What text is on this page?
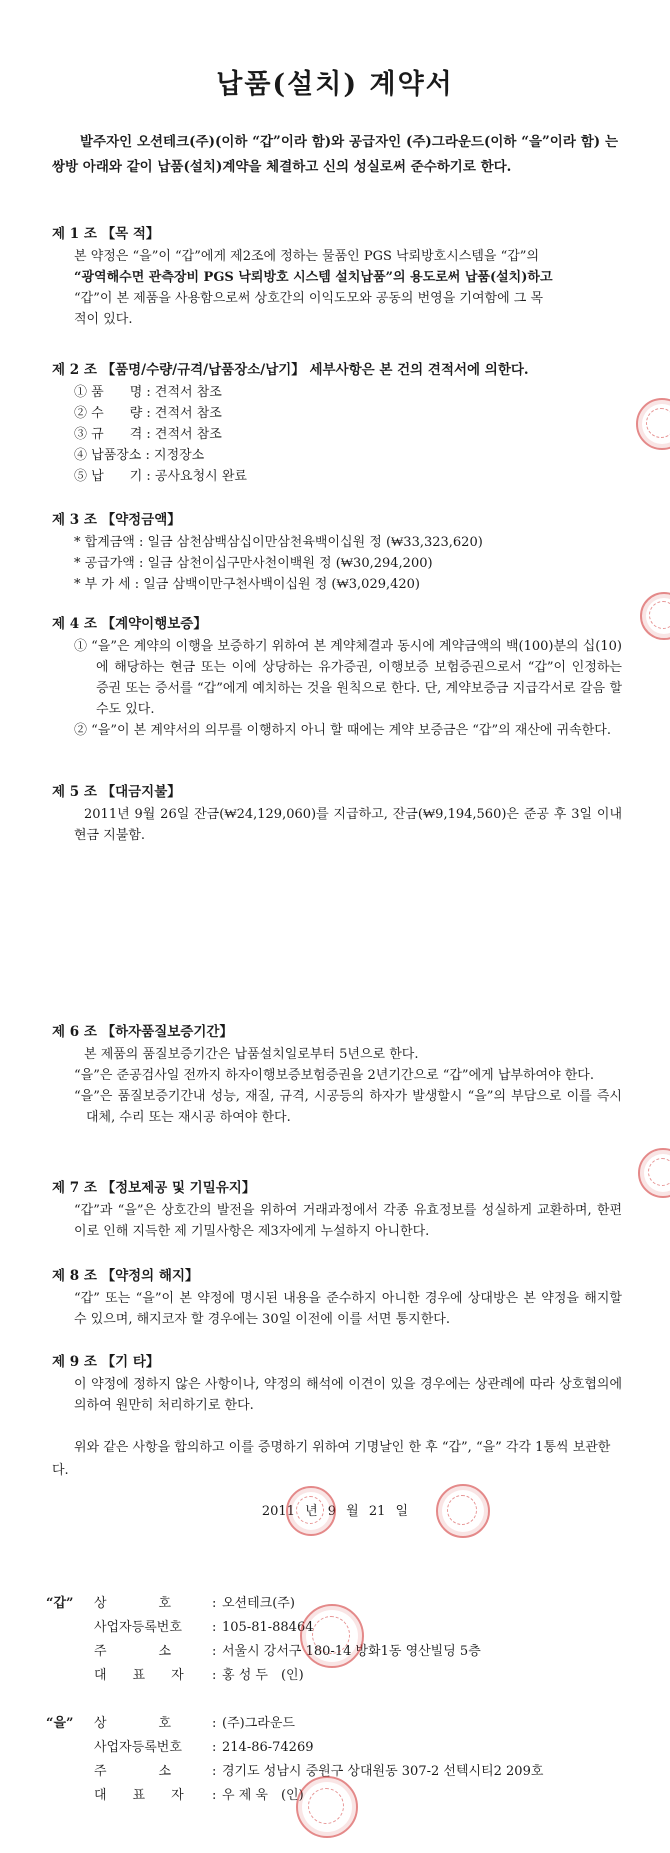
납품(설치) 계약서
발주자인 오션테크(주)(이하 “갑”이라 함)와 공급자인 (주)그라운드(이하 “을”이라 함) 는 쌍방 아래와 같이 납품(설치)계약을 체결하고 신의 성실로써 준수하기로 한다.
제 1 조 【목 적】

본 약정은 “을”이 “갑”에게 제2조에 정하는 물품인 PGS 낙뢰방호시스템을 “갑”의

“광역해수면 관측장비 PGS 낙뢰방호 시스템 설치납품”의 용도로써 납품(설치)하고

“갑”이 본 제품을 사용함으로써 상호간의 이익도모와 공동의 번영을 기여함에 그 목

적이 있다.

제 2 조 【품명/수량/규격/납품장소/납기】 세부사항은 본 건의 견적서에 의한다.

① 품　　명 : 견적서 참조

② 수　　량 : 견적서 참조

③ 규　　격 : 견적서 참조

④ 납품장소 : 지정장소

⑤ 납　　기 : 공사요청시 완료

제 3 조 【약정금액】

* 합계금액 : 일금 삼천삼백삼십이만삼천육백이십원 정 (₩33,323,620)

* 공급가액 : 일금 삼천이십구만사천이백원 정 (₩30,294,200)

* 부 가 세 : 일금 삼백이만구천사백이십원 정 (₩3,029,420)

제 4 조 【계약이행보증】

① “을”은 계약의 이행을 보증하기 위하여 본 계약체결과 동시에 계약금액의 백(100)분의 십(10)에 해당하는 현금 또는 이에 상당하는 유가증권, 이행보증 보험증권으로서 “갑”이 인정하는 증권 또는 증서를 “갑”에게 예치하는 것을 원칙으로 한다. 단, 계약보증금 지급각서로 갈음 할 수도 있다.

② “을”이 본 계약서의 의무를 이행하지 아니 할 때에는 계약 보증금은 “갑”의 재산에 귀속한다.

제 5 조 【대금지불】

2011년 9월 26일 잔금(₩24,129,060)를 지급하고, 잔금(₩9,194,560)은 준공 후 3일 이내 현금 지불함.

제 6 조 【하자품질보증기간】

본 제품의 품질보증기간은 납품설치일로부터 5년으로 한다.

“을”은 준공검사일 전까지 하자이행보증보험증권을 2년기간으로 “갑”에게 납부하여야 한다.

“을”은 품질보증기간내 성능, 재질, 규격, 시공등의 하자가 발생할시 “을”의 부담으로 이를 즉시 대체, 수리 또는 재시공 하여야 한다.

제 7 조 【정보제공 및 기밀유지】

“갑”과 “을”은 상호간의 발전을 위하여 거래과정에서 각종 유효정보를 성실하게 교환하며, 한편 이로 인해 지득한 제 기밀사항은 제3자에게 누설하지 아니한다.

제 8 조 【약정의 해지】

“갑” 또는 “을”이 본 약정에 명시된 내용을 준수하지 아니한 경우에 상대방은 본 약정을 해지할 수 있으며, 해지코자 할 경우에는 30일 이전에 이를 서면 통지한다.

제 9 조 【기 타】

이 약정에 정하지 않은 사항이나, 약정의 해석에 이견이 있을 경우에는 상관례에 따라 상호협의에 의하여 원만히 처리하기로 한다.

위와 같은 사항을 합의하고 이를 증명하기 위하여 기명날인 한 후 “갑”, “을” 각각 1통씩 보관한다.
2011 년 9 월 21 일
“갑” 상　　　　호	: 오션테크(주)
사업자등록번호	: 105-81-88464
주　　　　소	: 서울시 강서구 180-14 방화1동 영산빌딩 5층
대　　표　　자	: 홍 성 두　(인)
“을” 상　　　　호	: (주)그라운드
사업자등록번호	: 214-86-74269
주　　　　소	: 경기도 성남시 중원구 상대원동 307-2 선텍시티2 209호
대　　표　　자	: 우 제 욱　(인)
